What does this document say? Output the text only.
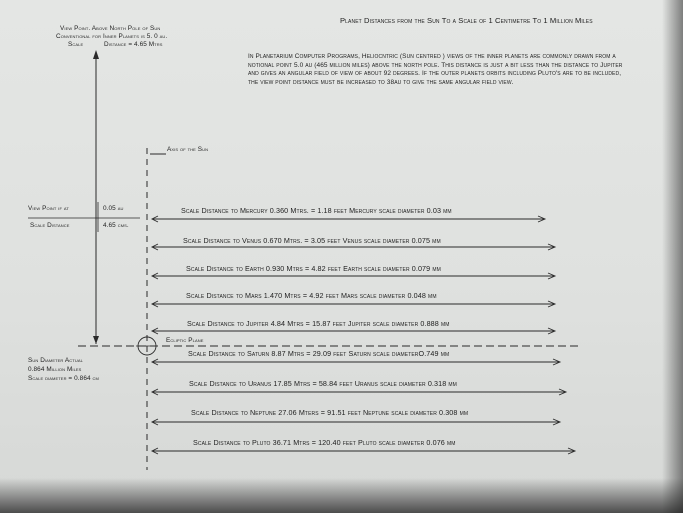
Planet Distances from the Sun To a Scale of 1 Centimetre To 1 Million Miles
View Point. Above North Pole of Sun
Conventional for Inner Planets is 5. 0 au.
Scale	Distance = 4.65 Mtrs
In Planetarium Computer Programs, Heliocntric (Sun centred ) views of the inner planets are commonly drawn from a notional point 5.0 au (465 million miles) above the north pole. This distance is just a bit less than the distance to Jupiter and gives an angular field of view of about 92 degrees. If the outer planets orbits including Pluto's are to be included, the view point distance must be increased to 38au to give the same angular field view.
Axis of the Sun
View Point if at	0.05 au
Scale Distance	4.65 cms.
Ecliptic Plane
Sun Diameter Actual
0.864 Million Miles
Scale diameter = 0.864 cm
Scale Distance to Mercury 0.360 Mtrs. = 1.18 feet Mercury scale diameter 0.03 mm
Scale Distance to Venus 0.670 Mtrs. = 3.05 feet Venus scale diameter 0.075 mm
Scale Distance to Earth 0.930 Mtrs = 4.82 feet Earth scale diameter 0.079 mm
Scale Distance to Mars 1.470 Mtrs = 4.92 feet Mars scale diameter 0.048 mm
Scale Distance to Jupiter 4.84 Mtrs = 15.87 feet Jupiter scale diameter 0.888 mm
Scale Distance to Saturn 8.87 Mtrs = 29.09 feet Saturn scale diameterO.749 mm
Scale Distance to Uranus 17.85 Mtrs = 58.84 feet Uranus scale diameter 0.318 mm
Scale Distance to Neptune 27.06 Mters = 91.51 feet Neptune scale diameter 0.308 mm
Scale Distance to Pluto 36.71 Mtrs = 120.40 feet Pluto scale diameter 0.076 mm
